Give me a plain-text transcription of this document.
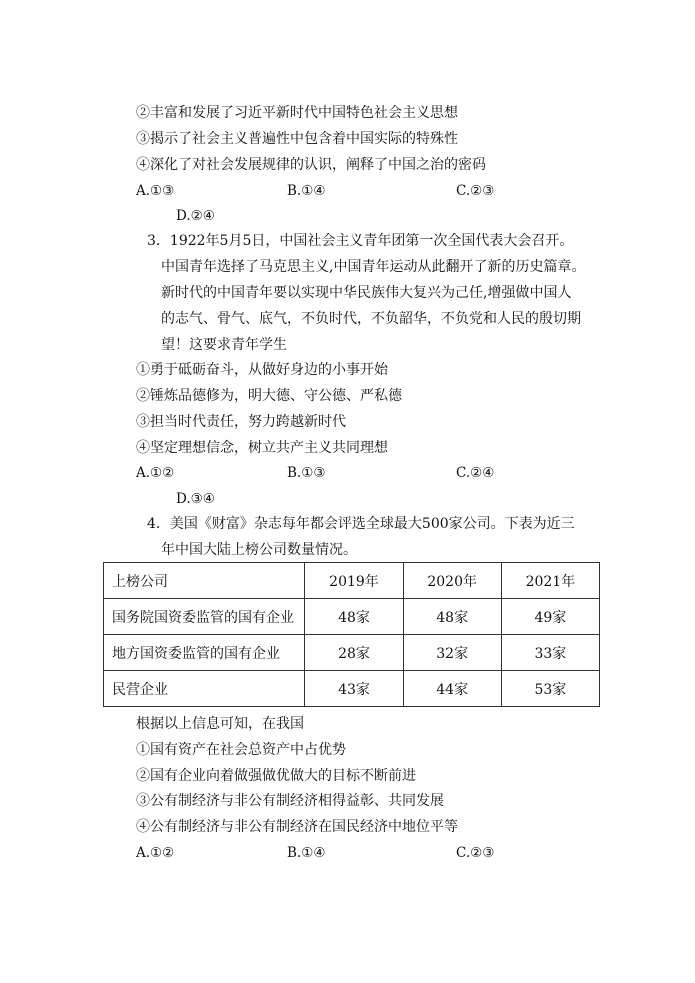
②丰富和发展了习近平新时代中国特色社会主义思想
③揭示了社会主义普遍性中包含着中国实际的特殊性
④深化了对社会发展规律的认识，阐释了中国之治的密码
A.①③	B.①④	C.②③
D.②④
3．1922年5月5日，中国社会主义青年团第一次全国代表大会召开。
中国青年选择了马克思主义,中国青年运动从此翻开了新的历史篇章。
新时代的中国青年要以实现中华民族伟大复兴为己任,增强做中国人
的志气、骨气、底气，不负时代，不负韶华，不负党和人民的殷切期
望！这要求青年学生
①勇于砥砺奋斗，从做好身边的小事开始
②锤炼品德修为，明大德、守公德、严私德
③担当时代责任，努力跨越新时代
④坚定理想信念，树立共产主义共同理想
A.①②	B.①③	C.②④
D.③④
4．美国《财富》杂志每年都会评选全球最大500家公司。下表为近三
年中国大陆上榜公司数量情况。
上榜公司	2019年	2020年	2021年
国务院国资委监管的国有企业	48家	48家	49家
地方国资委监管的国有企业	28家	32家	33家
民营企业	43家	44家	53家
根据以上信息可知，在我国
①国有资产在社会总资产中占优势
②国有企业向着做强做优做大的目标不断前进
③公有制经济与非公有制经济相得益彰、共同发展
④公有制经济与非公有制经济在国民经济中地位平等
A.①②	B.①④	C.②③
